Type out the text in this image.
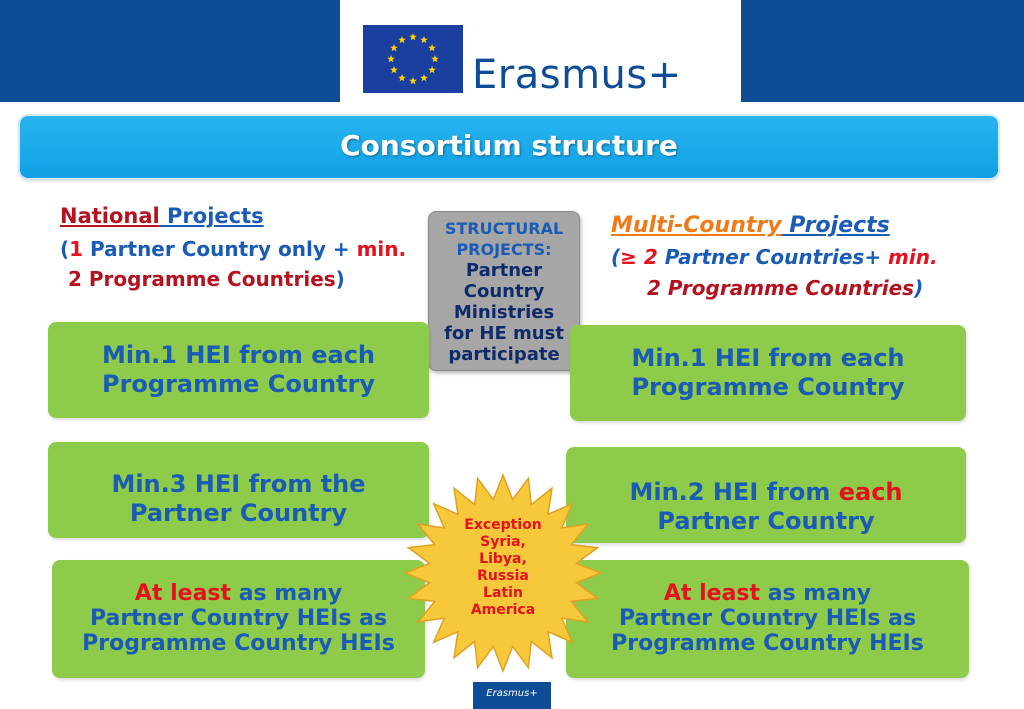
Erasmus+
Consortium structure
National Projects
(1 Partner Country only + min.
2 Programme Countries)
Multi-Country Projects
(≥ 2 Partner Countries+ min.
2 Programme Countries)
STRUCTURAL
PROJECTS:
Partner
Country
Ministries
for HE must
participate
Min.1 HEI from each
Programme Country
Min.3 HEI from the
Partner Country
At least as many
Partner Country HEIs as
Programme Country HEIs
Min.1 HEI from each
Programme Country
Min.2 HEI from each
Partner Country
At least as many
Partner Country HEIs as
Programme Country HEIs
Exception
Syria,
Libya,
Russia
Latin
America
Erasmus+
